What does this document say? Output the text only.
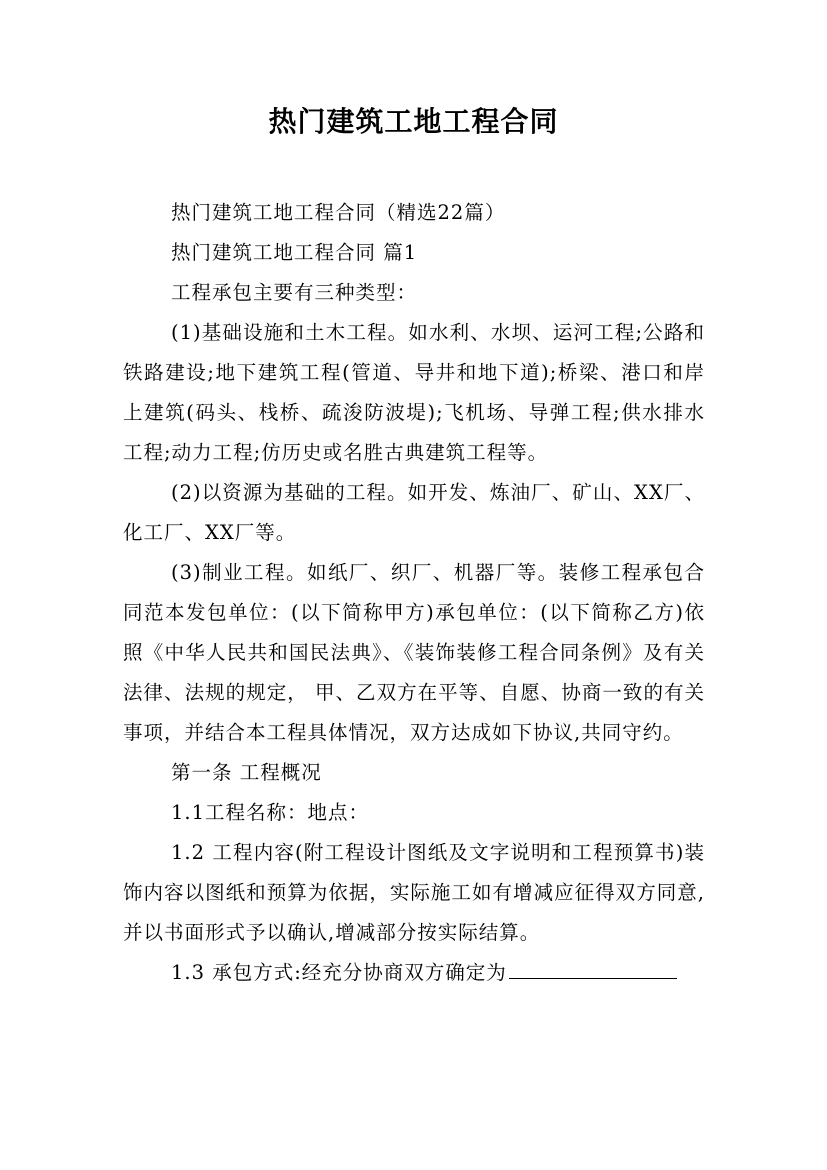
热门建筑工地工程合同

热门建筑工地工程合同（精选22篇）

热门建筑工地工程合同 篇1

工程承包主要有三种类型：

(1)基础设施和土木工程。如水利、水坝、运河工程;公路和铁路建设;地下建筑工程(管道、导井和地下道);桥梁、港口和岸上建筑(码头、栈桥、疏浚防波堤);飞机场、导弹工程;供水排水工程;动力工程;仿历史或名胜古典建筑工程等。

(2)以资源为基础的工程。如开发、炼油厂、矿山、XX厂、化工厂、XX厂等。

(3)制业工程。如纸厂、织厂、机器厂等。装修工程承包合同范本发包单位：(以下简称甲方)承包单位：(以下简称乙方)依照《中华人民共和国民法典》、《装饰装修工程合同条例》及有关法律、法规的规定， 甲、乙双方在平等、自愿、协商一致的有关事项，并结合本工程具体情况，双方达成如下协议,共同守约。

第一条 工程概况

1.1工程名称：地点：

1.2 工程内容(附工程设计图纸及文字说明和工程预算书)装饰内容以图纸和预算为依据，实际施工如有增减应征得双方同意,并以书面形式予以确认,增减部分按实际结算。

1.3 承包方式:经充分协商双方确定为
